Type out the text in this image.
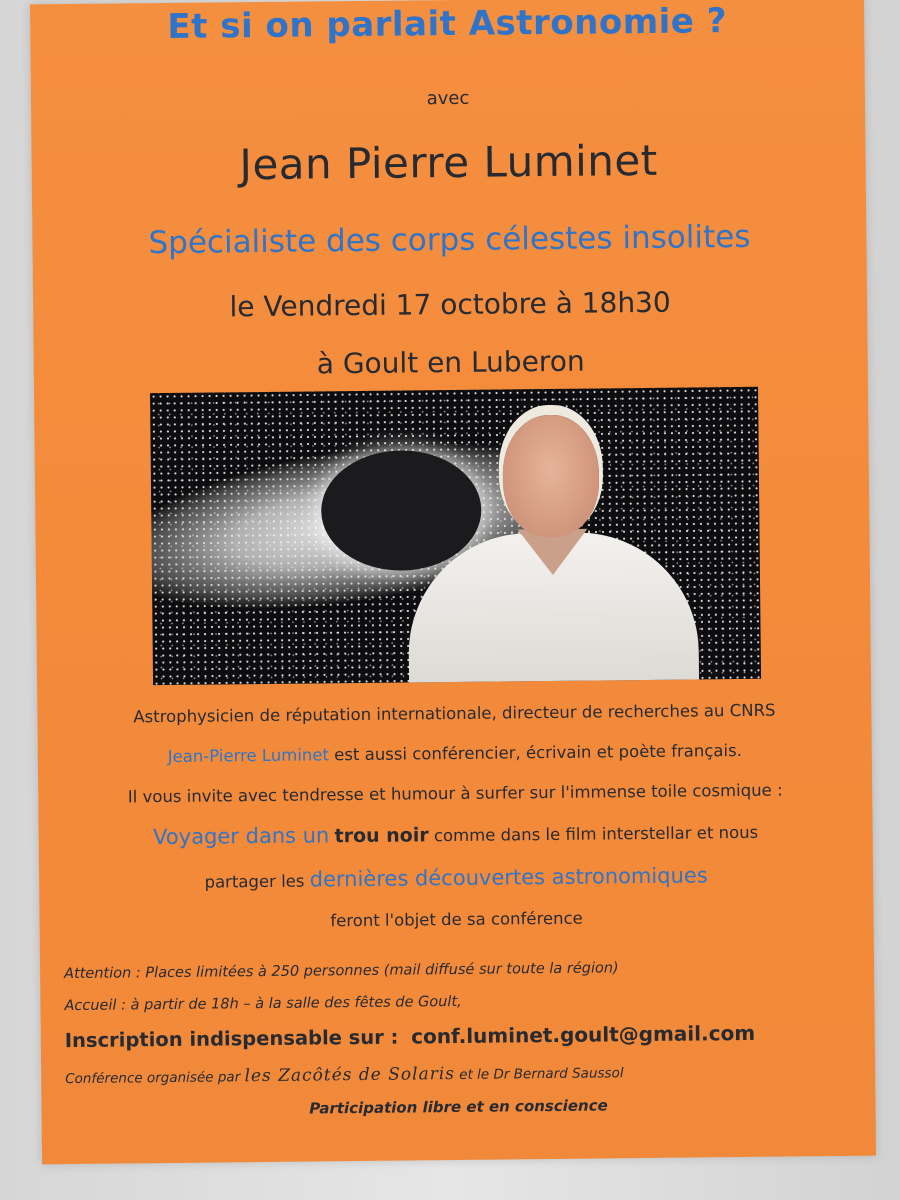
Et si on parlait Astronomie ?
avec
Jean Pierre Luminet
Spécialiste des corps célestes insolites
le Vendredi 17 octobre à 18h30
à Goult en Luberon
Astrophysicien de réputation internationale, directeur de recherches au CNRS
Jean-Pierre Luminet est aussi conférencier, écrivain et poète français.
Il vous invite avec tendresse et humour à surfer sur l'immense toile cosmique :
Voyager dans un trou noir comme dans le film interstellar et nous
partager les dernières découvertes astronomiques
feront l'objet de sa conférence
Attention : Places limitées à 250 personnes (mail diffusé sur toute la région)
Accueil : à partir de 18h – à la salle des fêtes de Goult,
Inscription indispensable sur : conf.luminet.goult@gmail.com
Conférence organisée par les Zacôtés de Solaris et le Dr Bernard Saussol
Participation libre et en conscience
